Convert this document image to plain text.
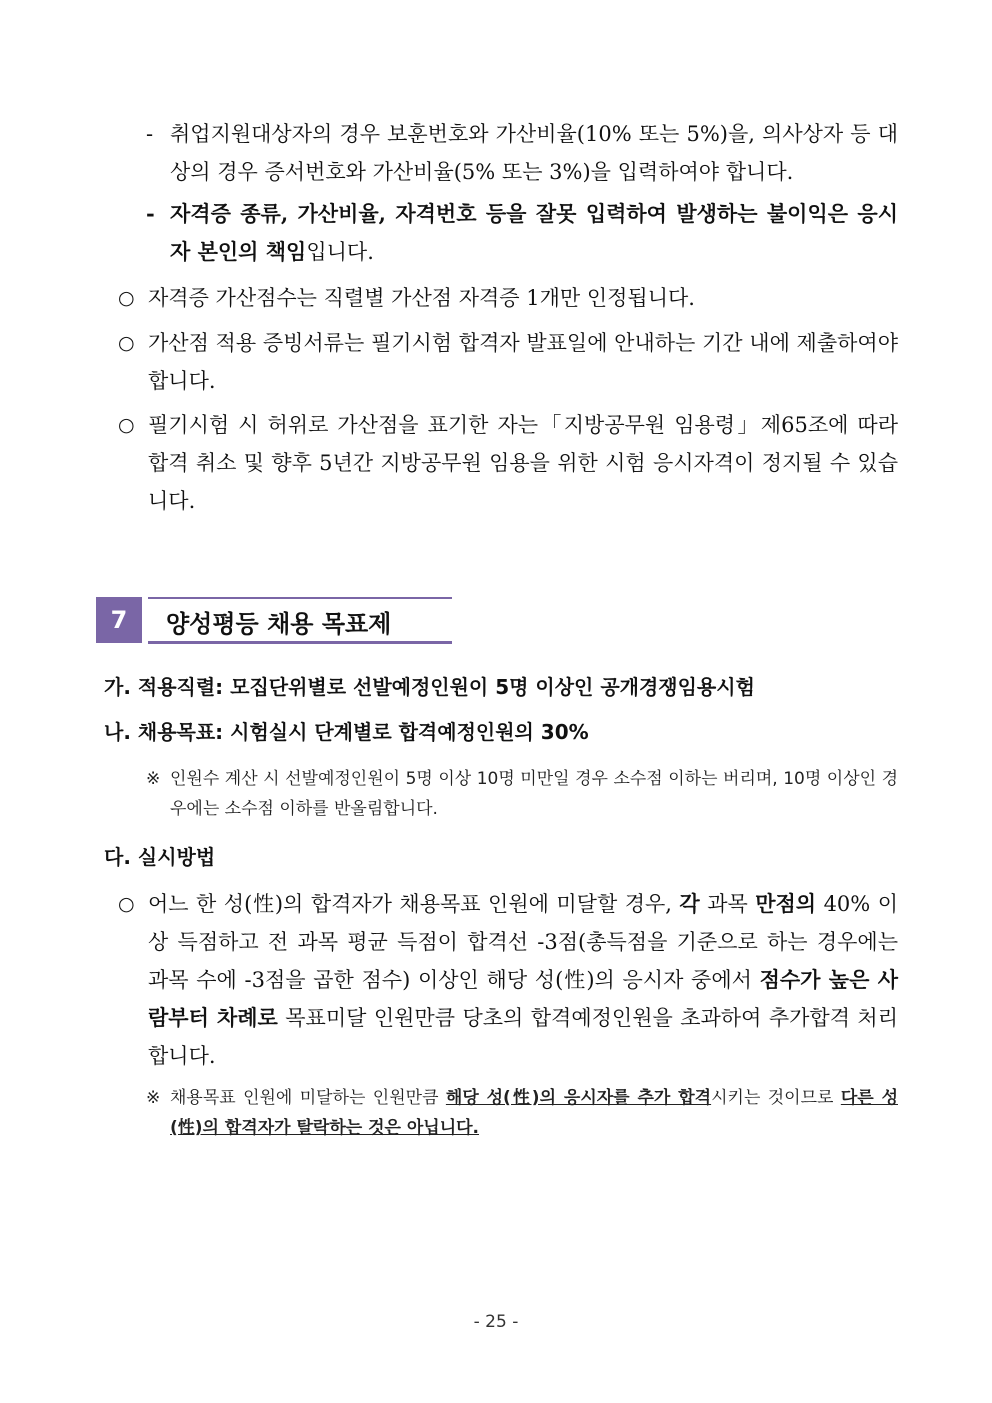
- 취업지원대상자의 경우 보훈번호와 가산비율(10% 또는 5%)을, 의사상자 등 대상의 경우 증서번호와 가산비율(5% 또는 3%)을 입력하여야 합니다.
- 자격증 종류, 가산비율, 자격번호 등을 잘못 입력하여 발생하는 불이익은 응시자 본인의 책임입니다.
○ 자격증 가산점수는 직렬별 가산점 자격증 1개만 인정됩니다.
○ 가산점 적용 증빙서류는 필기시험 합격자 발표일에 안내하는 기간 내에 제출하여야 합니다.
○ 필기시험 시 허위로 가산점을 표기한 자는「지방공무원 임용령」제65조에 따라 합격 취소 및 향후 5년간 지방공무원 임용을 위한 시험 응시자격이 정지될 수 있습니다.
7	양성평등 채용 목표제
가. 적용직렬: 모집단위별로 선발예정인원이 5명 이상인 공개경쟁임용시험
나. 채용목표: 시험실시 단계별로 합격예정인원의 30%
※ 인원수 계산 시 선발예정인원이 5명 이상 10명 미만일 경우 소수점 이하는 버리며, 10명 이상인 경우에는 소수점 이하를 반올림합니다.
다. 실시방법
○ 어느 한 성(性)의 합격자가 채용목표 인원에 미달할 경우, 각 과목 만점의 40% 이상 득점하고 전 과목 평균 득점이 합격선 -3점(총득점을 기준으로 하는 경우에는 과목 수에 -3점을 곱한 점수) 이상인 해당 성(性)의 응시자 중에서 점수가 높은 사람부터 차례로 목표미달 인원만큼 당초의 합격예정인원을 초과하여 추가합격 처리합니다.
※ 채용목표 인원에 미달하는 인원만큼 해당 성(性)의 응시자를 추가 합격시키는 것이므로 다른 성(性)의 합격자가 탈락하는 것은 아닙니다.
- 25 -
